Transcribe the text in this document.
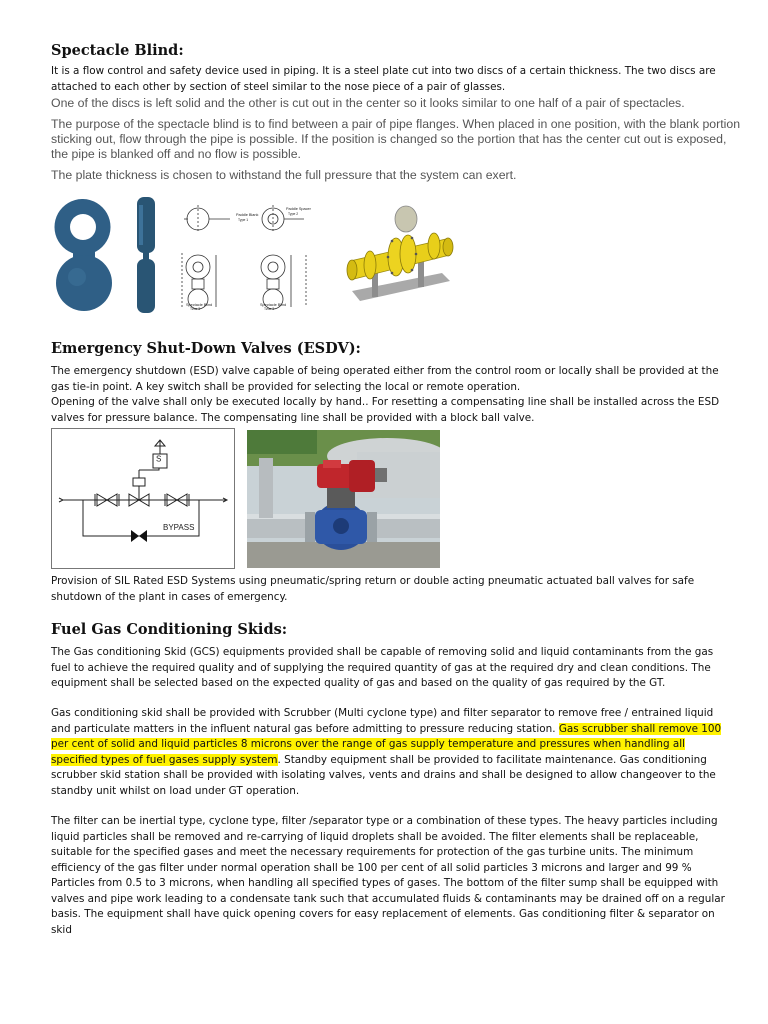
Spectacle Blind:

It is a flow control and safety device used in piping. It is a steel plate cut into two discs of a certain thickness. The two discs are attached to each other by section of steel similar to the nose piece of a pair of glasses.

One of the discs is left solid and the other is cut out in the center so it looks similar to one half of a pair of spectacles.

The purpose of the spectacle blind is to find between a pair of pipe flanges. When placed in one position, with the blank portion sticking out, flow through the pipe is possible. If the position is changed so the portion that has the center cut out is exposed, the pipe is blanked off and no flow is possible.

The plate thickness is chosen to withstand the full pressure that the system can exert.

Paddle Blank
Type 1
Paddle Spacer
Type 2
Spectacle Blind
Type 3
Spectacle Blind
Type 3
Emergency Shut-Down Valves (ESDV):

The emergency shutdown (ESD) valve capable of being operated either from the control room or locally shall be provided at the gas tie-in point. A key switch shall be provided for selecting the local or remote operation.

Opening of the valve shall only be executed locally by hand.. For resetting a compensating line shall be installed across the ESD valves for pressure balance. The compensating line shall be provided with a block ball valve.

S
BYPASS

Provision of SIL Rated ESD Systems using pneumatic/spring return or double acting pneumatic actuated ball valves for safe shutdown of the plant in cases of emergency.

Fuel Gas Conditioning Skids:

The Gas conditioning Skid (GCS) equipments provided shall be capable of removing solid and liquid contaminants from the gas fuel to achieve the required quality and of supplying the required quantity of gas at the required dry and clean conditions. The equipment shall be selected based on the expected quality of gas and based on the quality of gas required by the GT.

Gas conditioning skid shall be provided with Scrubber (Multi cyclone type) and filter separator to remove free / entrained liquid and particulate matters in the influent natural gas before admitting to pressure reducing station. Gas scrubber shall remove 100 per cent of solid and liquid particles 8 microns over the range of gas supply temperature and pressures when handling all specified types of fuel gases supply system. Standby equipment shall be provided to facilitate maintenance. Gas conditioning scrubber skid station shall be provided with isolating valves, vents and drains and shall be designed to allow changeover to the standby unit whilst on load under GT operation.

The filter can be inertial type, cyclone type, filter /separator type or a combination of these types. The heavy particles including liquid particles shall be removed and re-carrying of liquid droplets shall be avoided. The filter elements shall be replaceable, suitable for the specified gases and meet the necessary requirements for protection of the gas turbine units. The minimum efficiency of the gas filter under normal operation shall be 100 per cent of all solid particles 3 microns and larger and 99 %

Particles from 0.5 to 3 microns, when handling all specified types of gases. The bottom of the filter sump shall be equipped with valves and pipe work leading to a condensate tank such that accumulated fluids & contaminants may be drained off on a regular basis. The equipment shall have quick opening covers for easy replacement of elements. Gas conditioning filter & separator on skid
